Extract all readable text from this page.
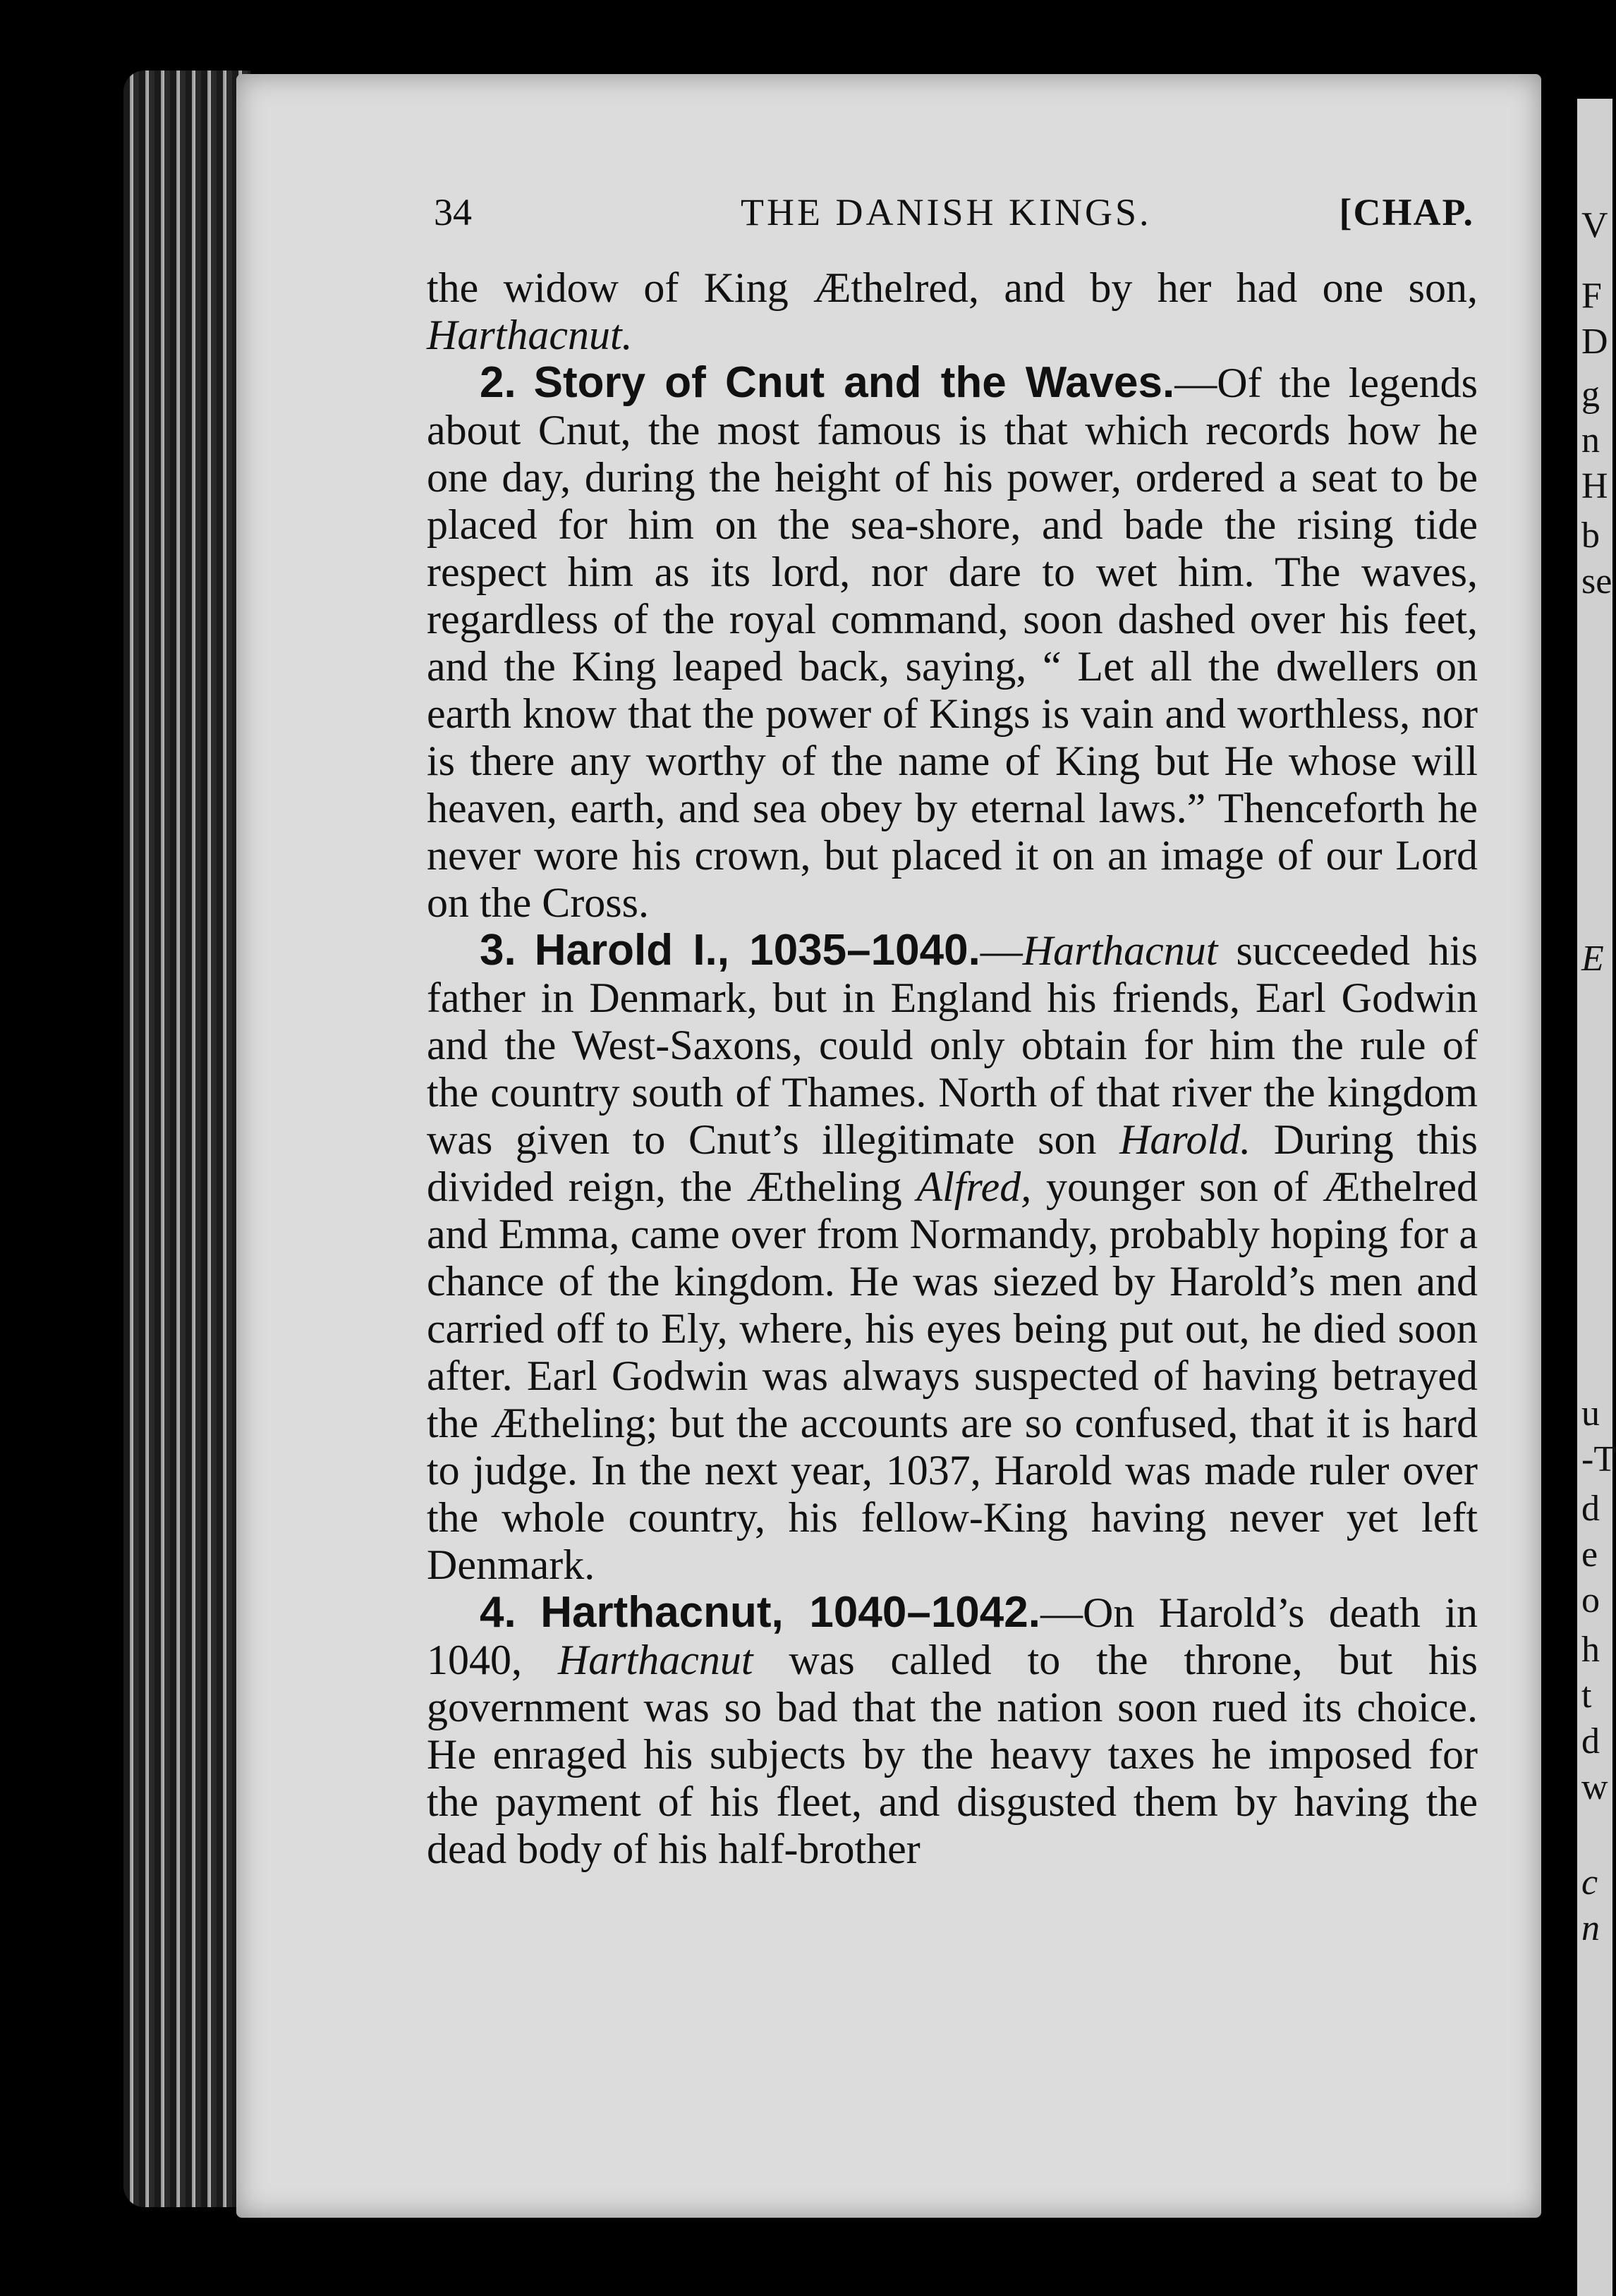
V
F
D
g
n
H
b
se
E
u
-T
d
e
o
h
t
d
w
c
n
34	THE DANISH KINGS.	[CHAP.

the widow of King Æthelred, and by her had one son, Harthacnut.

2. Story of Cnut and the Waves.—Of the legends about Cnut, the most famous is that which records how he one day, during the height of his power, ordered a seat to be placed for him on the sea-shore, and bade the rising tide respect him as its lord, nor dare to wet him. The waves, regardless of the royal command, soon dashed over his feet, and the King leaped back, saying, “ Let all the dwellers on earth know that the power of Kings is vain and worthless, nor is there any worthy of the name of King but He whose will heaven, earth, and sea obey by eternal laws.” Thenceforth he never wore his crown, but placed it on an image of our Lord on the Cross.

3. Harold I., 1035–1040.—Harthacnut succeeded his father in Denmark, but in England his friends, Earl Godwin and the West-Saxons, could only obtain for him the rule of the country south of Thames. North of that river the kingdom was given to Cnut’s illegitimate son Harold. During this divided reign, the Ætheling Alfred, younger son of Æthelred and Emma, came over from Normandy, probably hoping for a chance of the kingdom. He was siezed by Harold’s men and carried off to Ely, where, his eyes being put out, he died soon after. Earl Godwin was always suspected of having betrayed the Ætheling; but the accounts are so confused, that it is hard to judge. In the next year, 1037, Harold was made ruler over the whole country, his fellow-King having never yet left Denmark.

4. Harthacnut, 1040–1042.—On Harold’s death in 1040, Harthacnut was called to the throne, but his government was so bad that the nation soon rued its choice. He enraged his subjects by the heavy taxes he imposed for the payment of his fleet, and disgusted them by having the dead body of his half-brother
